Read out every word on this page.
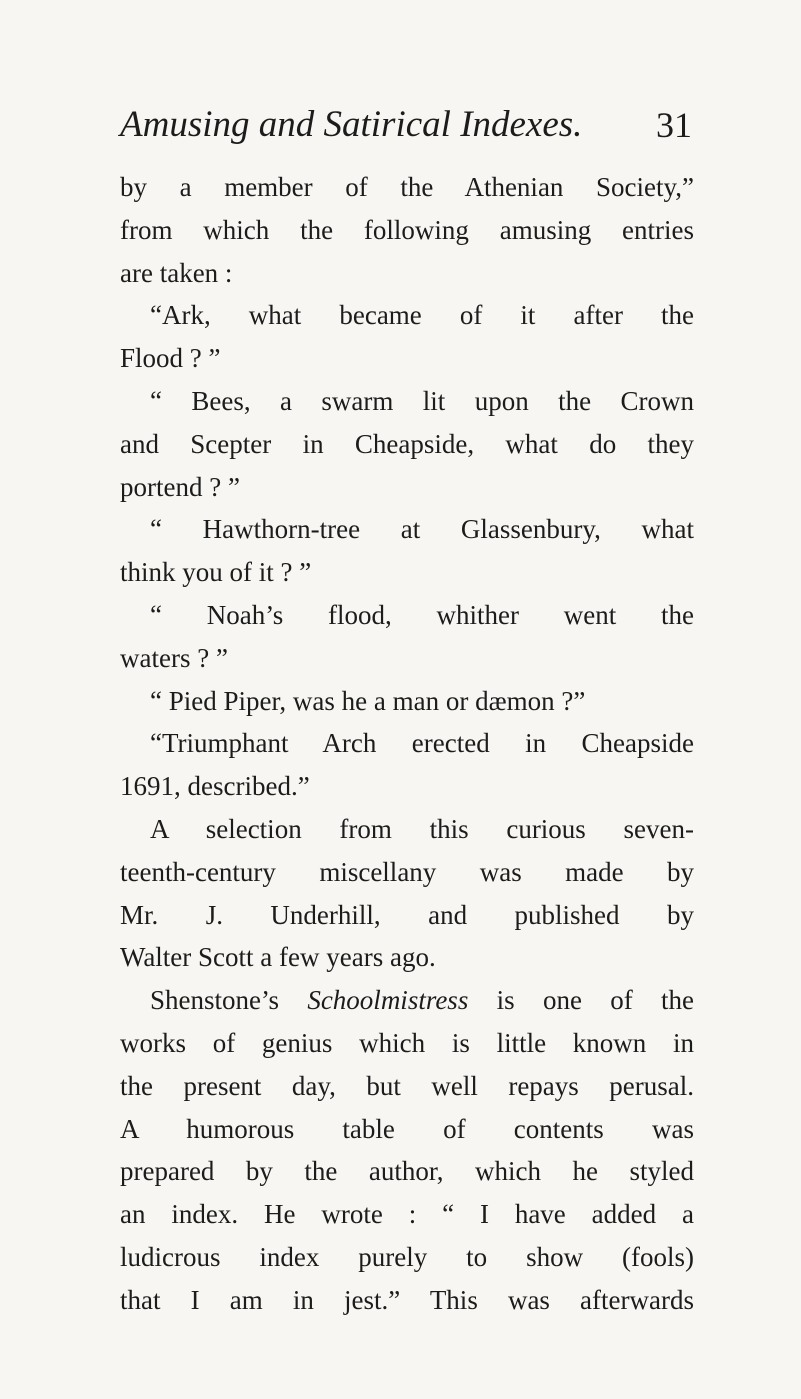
Amusing and Satirical Indexes. 31
by a member of the Athenian Society,”
from which the following amusing entries
are taken :
“Ark, what became of it after the
Flood ? ”
“ Bees, a swarm lit upon the Crown
and Scepter in Cheapside, what do they
portend ? ”
“ Hawthorn-tree at Glassenbury, what
think you of it ? ”
“ Noah’s flood, whither went the
waters ? ”
“ Pied Piper, was he a man or dæmon ?”
“Triumphant Arch erected in Cheapside
1691, described.”
A selection from this curious seven-
teenth-century miscellany was made by
Mr. J. Underhill, and published by
Walter Scott a few years ago.
Shenstone’s Schoolmistress is one of the
works of genius which is little known in
the present day, but well repays perusal.
A humorous table of contents was
prepared by the author, which he styled
an index. He wrote : “ I have added a
ludicrous index purely to show (fools)
that I am in jest.” This was afterwards
